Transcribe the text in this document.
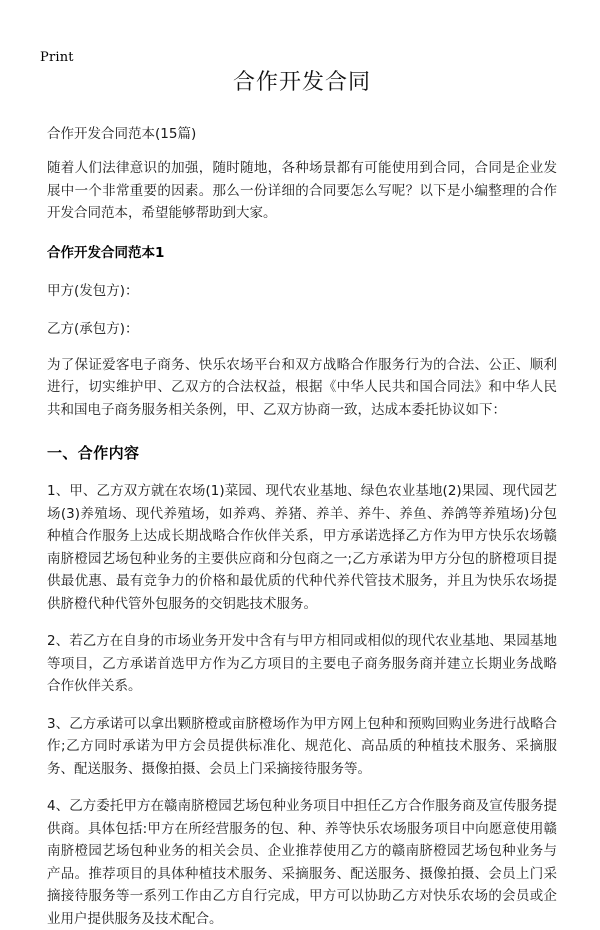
Print
合作开发合同
合作开发合同范本(15篇)

随着人们法律意识的加强，随时随地，各种场景都有可能使用到合同，合同是企业发展中一个非常重要的因素。那么一份详细的合同要怎么写呢？以下是小编整理的合作开发合同范本，希望能够帮助到大家。

合作开发合同范本1
甲方(发包方)：
乙方(承包方)：

为了保证爱客电子商务、快乐农场平台和双方战略合作服务行为的合法、公正、顺利进行，切实维护甲、乙双方的合法权益，根据《中华人民共和国合同法》和中华人民共和国电子商务服务相关条例，甲、乙双方协商一致，达成本委托协议如下：

一、合作内容

1、甲、乙方双方就在农场(1)菜园、现代农业基地、绿色农业基地(2)果园、现代园艺场(3)养殖场、现代养殖场，如养鸡、养猪、养羊、养牛、养鱼、养鸽等养殖场)分包种植合作服务上达成长期战略合作伙伴关系，甲方承诺选择乙方作为甲方快乐农场赣南脐橙园艺场包种业务的主要供应商和分包商之一;乙方承诺为甲方分包的脐橙项目提供最优惠、最有竞争力的价格和最优质的代种代养代管技术服务，并且为快乐农场提供脐橙代种代管外包服务的交钥匙技术服务。

2、若乙方在自身的市场业务开发中含有与甲方相同或相似的现代农业基地、果园基地等项目，乙方承诺首选甲方作为乙方项目的主要电子商务服务商并建立长期业务战略合作伙伴关系。

3、乙方承诺可以拿出颗脐橙或亩脐橙场作为甲方网上包种和预购回购业务进行战略合作;乙方同时承诺为甲方会员提供标准化、规范化、高品质的种植技术服务、采摘服务、配送服务、摄像拍摄、会员上门采摘接待服务等。

4、乙方委托甲方在赣南脐橙园艺场包种业务项目中担任乙方合作服务商及宣传服务提供商。具体包括:甲方在所经营服务的包、种、养等快乐农场服务项目中向愿意使用赣南脐橙园艺场包种业务的相关会员、企业推荐使用乙方的赣南脐橙园艺场包种业务与产品。推荐项目的具体种植技术服务、采摘服务、配送服务、摄像拍摄、会员上门采摘接待服务等一系列工作由乙方自行完成，甲方可以协助乙方对快乐农场的会员或企业用户提供服务及技术配合。
